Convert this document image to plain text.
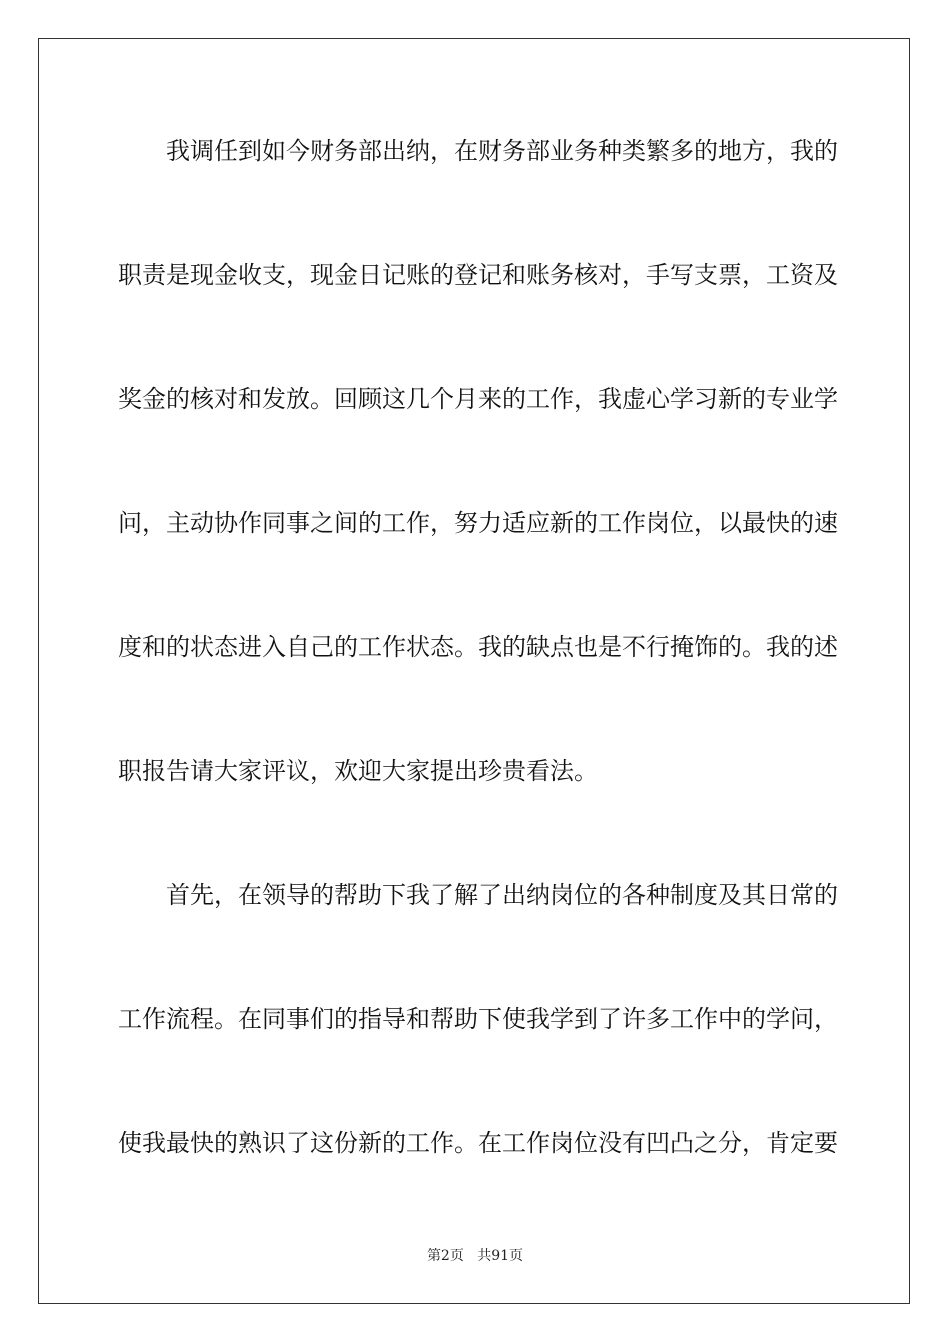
我调任到如今财务部出纳，在财务部业务种类繁多的地方，我的
职责是现金收支，现金日记账的登记和账务核对，手写支票，工资及
奖金的核对和发放。回顾这几个月来的工作，我虚心学习新的专业学
问，主动协作同事之间的工作，努力适应新的工作岗位，以最快的速
度和的状态进入自己的工作状态。我的缺点也是不行掩饰的。我的述
职报告请大家评议，欢迎大家提出珍贵看法。
首先，在领导的帮助下我了解了出纳岗位的各种制度及其日常的
工作流程。在同事们的指导和帮助下使我学到了许多工作中的学问，
使我最快的熟识了这份新的工作。在工作岗位没有凹凸之分，肯定要
第2页 共91页
